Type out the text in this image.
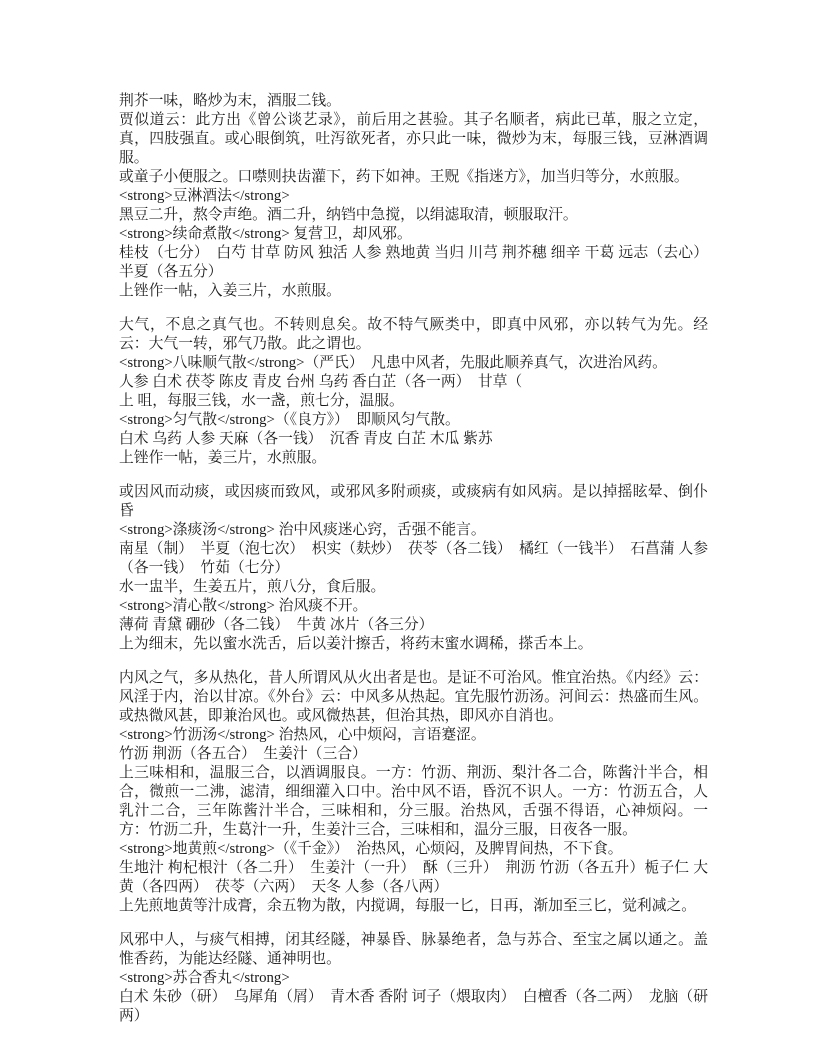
荆芥一味，略炒为末，酒服二钱。

贾似道云：此方出《曾公谈艺录》，前后用之甚验。其子名顺者，病此已革，服之立定，真，四肢强直。或心眼倒筑，吐泻欲死者，亦只此一味，微炒为末，每服三钱，豆淋酒调服。

或童子小便服之。口噤则抉齿灌下，药下如神。王贶《指迷方》，加当归等分，水煎服。

<strong>豆淋酒法</strong>

黑豆二升，熬令声绝。酒二升，纳铛中急搅，以绢滤取清，顿服取汗。

<strong>续命煮散</strong> 复营卫，却风邪。

桂枝（七分）　白芍 甘草 防风 独活 人参 熟地黄 当归 川芎 荆芥穗 细辛 干葛 远志（去心） 半夏（各五分）

上锉作一帖，入姜三片，水煎服。

大气，不息之真气也。不转则息矣。故不特气厥类中，即真中风邪，亦以转气为先。经云：大气一转，邪气乃散。此之谓也。

<strong>八味顺气散</strong>（严氏）　凡患中风者，先服此顺养真气，次进治风药。

人参 白术 茯苓 陈皮 青皮 台州 乌药 香白芷（各一两）　甘草（

上 咀，每服三钱，水一盏，煎七分，温服。

<strong>匀气散</strong>（《良方》）　即顺风匀气散。

白术 乌药 人参 天麻（各一钱）　沉香 青皮 白芷 木瓜 紫苏

上锉作一帖，姜三片，水煎服。

或因风而动痰，或因痰而致风，或邪风多附顽痰，或痰病有如风病。是以掉摇眩晕、倒仆昏

<strong>涤痰汤</strong> 治中风痰迷心窍，舌强不能言。

南星（制）　半夏（泡七次）　枳实（麸炒）　茯苓（各二钱）　橘红（一钱半）　石菖蒲 人参（各一钱）　竹茹（七分）

水一盅半，生姜五片，煎八分，食后服。

<strong>清心散</strong> 治风痰不开。

薄荷 青黛 硼砂（各二钱）　牛黄 冰片（各三分）

上为细末，先以蜜水洗舌，后以姜汁擦舌，将药末蜜水调稀，搽舌本上。

内风之气，多从热化，昔人所谓风从火出者是也。是证不可治风。惟宜治热。《内经》云：风淫于内，治以甘凉。《外台》云：中风多从热起。宜先服竹沥汤。河间云：热盛而生风。或热微风甚，即兼治风也。或风微热甚，但治其热，即风亦自消也。

<strong>竹沥汤</strong> 治热风，心中烦闷，言语蹇涩。

竹沥 荆沥（各五合）　生姜汁（三合）

上三味相和，温服三合，以酒调服良。一方：竹沥、荆沥、梨汁各二合，陈酱汁半合，相合，微煎一二沸，滤清，细细灌入口中。治中风不语，昏沉不识人。一方：竹沥五合，人乳汁二合，三年陈酱汁半合，三味相和，分三服。治热风，舌强不得语，心神烦闷。一方：竹沥二升，生葛汁一升，生姜汁三合，三味相和，温分三服，日夜各一服。

<strong>地黄煎</strong>（《千金》）　治热风，心烦闷，及脾胃间热，不下食。

生地汁 枸杞根汁（各二升）　生姜汁（一升）　酥（三升）　荆沥 竹沥（各五升）栀子仁 大黄（各四两）　茯苓（六两）　天冬 人参（各八两）

上先煎地黄等汁成膏，余五物为散，内搅调，每服一匕，日再，渐加至三匕，觉利减之。

风邪中人，与痰气相搏，闭其经隧，神暴昏、脉暴绝者，急与苏合、至宝之属以通之。盖惟香药，为能达经隧、通神明也。

<strong>苏合香丸</strong>

白术 朱砂（研）　乌犀角（屑）　青木香 香附 诃子（煨取肉）　白檀香（各二两）　龙脑（研 两）
